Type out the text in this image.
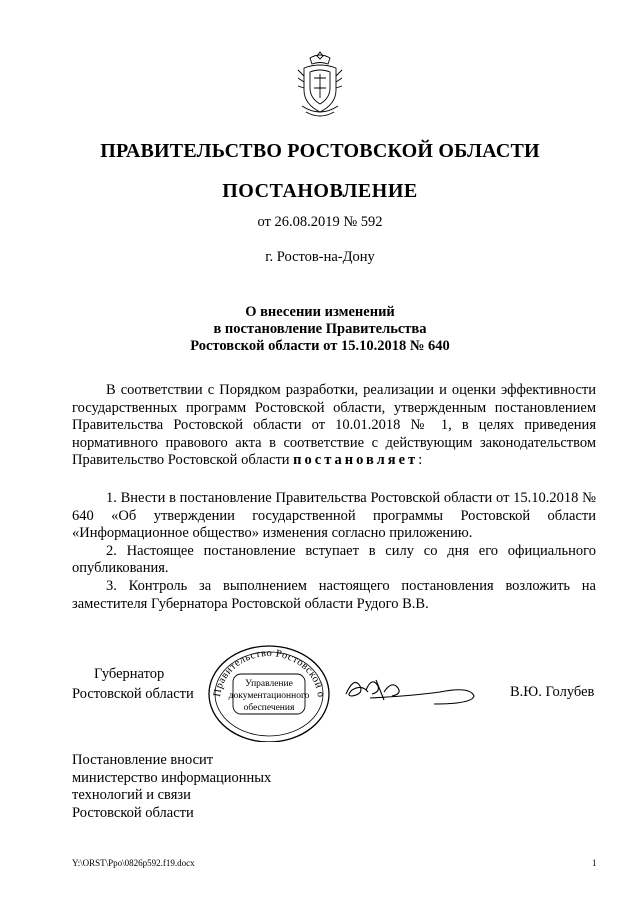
ПРАВИТЕЛЬСТВО РОСТОВСКОЙ ОБЛАСТИ
ПОСТАНОВЛЕНИЕ
от 26.08.2019 № 592
г. Ростов-на-Дону
О внесении изменений
в постановление Правительства
Ростовской области от 15.10.2018 № 640
В соответствии с Порядком разработки, реализации и оценки эффективности государственных программ Ростовской области, утвержденным постановлением Правительства Ростовской области от 10.01.2018 № 1, в целях приведения нормативного правового акта в соответствие с действующим законодательством Правительство Ростовской области постановляет:
1. Внести в постановление Правительства Ростовской области от 15.10.2018 № 640 «Об утверждении государственной программы Ростовской области «Информационное общество» изменения согласно приложению.
2. Настоящее постановление вступает в силу со дня его официального опубликования.
3. Контроль за выполнением настоящего постановления возложить на заместителя Губернатора Ростовской области Рудого В.В.
Губернатор
Ростовской области	Правительство Ростовской о
Управление
документационного
обеспечения
В.Ю. Голубев
Постановление вносит
министерство информационных
технологий и связи
Ростовской области
Y:\ORST\Ppo\0826p592.f19.docx	1
